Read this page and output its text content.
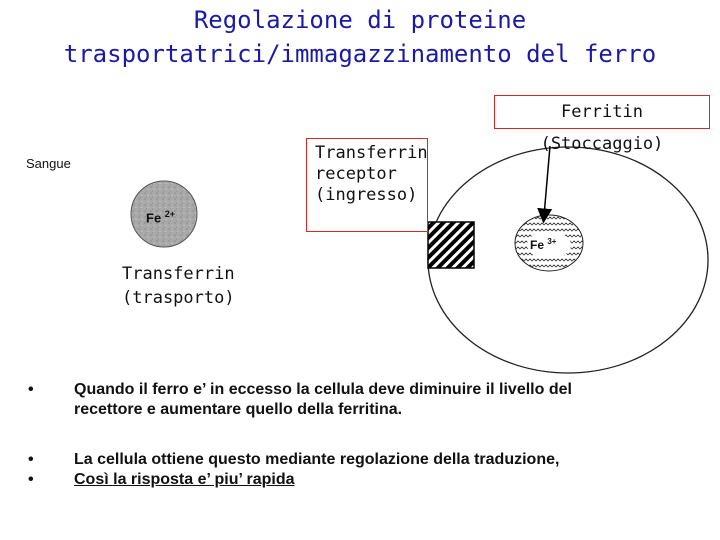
Regolazione di proteine
trasportatrici/immagazzinamento del ferro
Ferritin (Stoccaggio)
Transferrin
receptor
(ingresso)
Sangue
Fe $^{2+}$
Fe $^{3+}$
Transferrin
(trasporto)
•	Quando il ferro e’ in eccesso la cellula deve diminuire il livello del
recettore e aumentare quello della ferritina.
•	La cellula ottiene questo mediante regolazione della traduzione,
•	Così la risposta e’ piu’ rapida
